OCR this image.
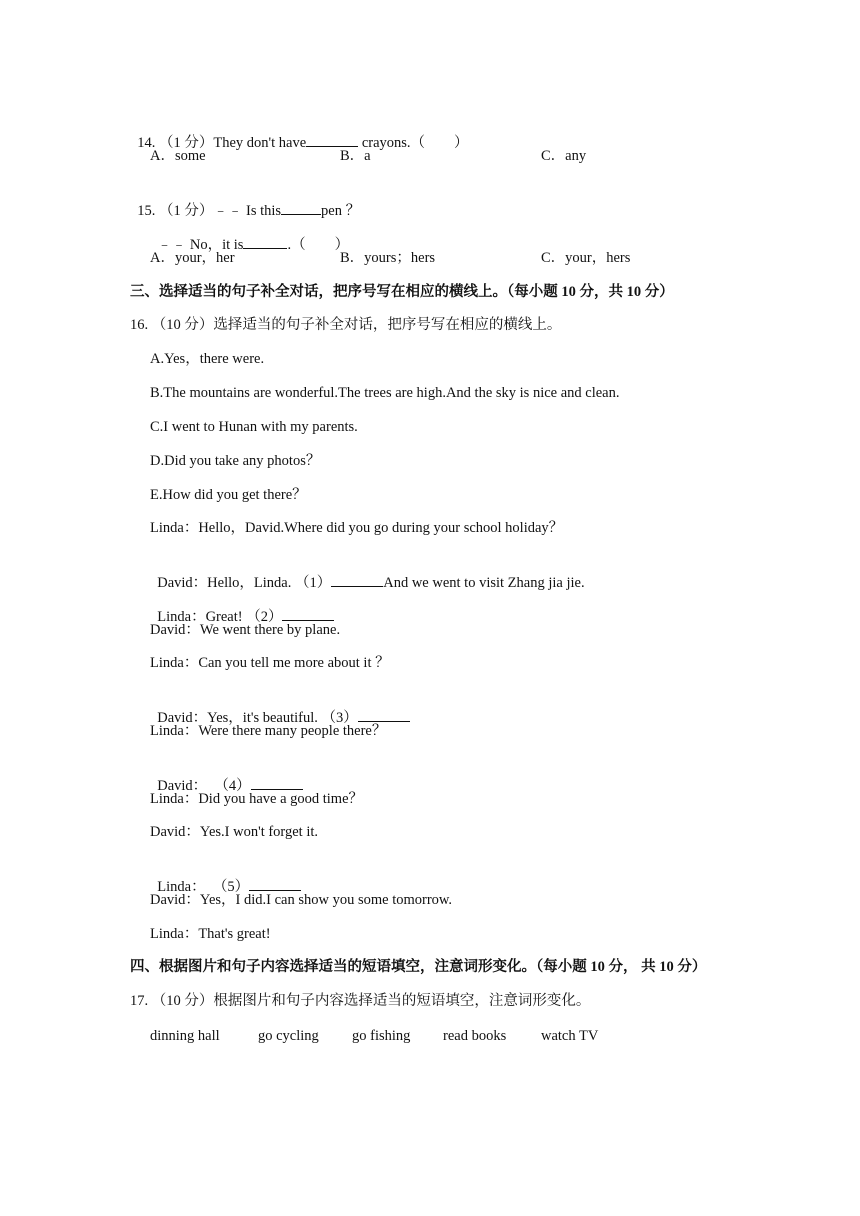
14. （1 分）They don't have	crayons.（　　）

A．some	B．a	C．any

15. （1 分）﹣﹣ Is this	pen ？

﹣﹣ No，it is	.（　　）

A．your，her	B．yours；hers	C．your，hers
三、选择适当的句子补全对话，把序号写在相应的横线上。（每小题 10 分，共 10 分）
16. （10 分）选择适当的句子补全对话，把序号写在相应的横线上。
A.Yes，there were.
B.The mountains are wonderful.The trees are high.And the sky is nice and clean.
C.I went to Hunan with my parents.
D.Did you take any photos？
E.How did you get there？
Linda：Hello，David.Where did you go during your school holiday？

David：Hello，Linda. （1）	And we went to visit Zhang jia jie.

Linda：Great! （2）

David：We went there by plane.
Linda：Can you tell me more about it ？

David：Yes，it's beautiful. （3）

Linda：Were there many people there？

David：  （4）

Linda：Did you have a good time？
David：Yes.I won't forget it.

Linda：  （5）

David：Yes，I did.I can show you some tomorrow.
Linda：That's great!
四、根据图片和句子内容选择适当的短语填空，注意词形变化。（每小题 10 分， 共 10 分）
17. （10 分）根据图片和句子内容选择适当的短语填空，注意词形变化。
dinning hall	go cycling go fishing read books watch TV
